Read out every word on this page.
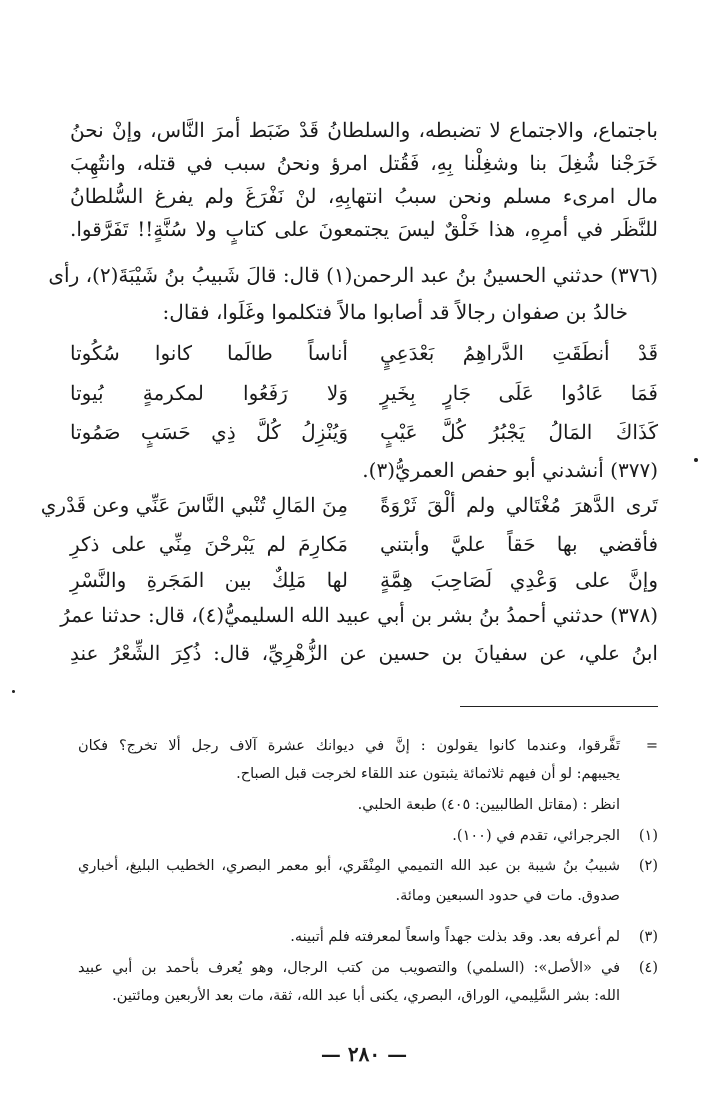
باجتماع، والاجتماع لا تضبطه، والسلطانُ قَدْ ضَبَط أمرَ النَّاس، وإنْ نحنُ
خَرَجْنا شُغِلَ بنا وشغِلْنا بِهِ، فَقُتل امرؤ ونحنُ سبب في قتله، وانتُهِبَ
مال امرىء مسلم ونحن سببُ انتهابِهِ، لنْ نَفْرَغَ ولم يفرغ السُّلطانُ
للنَّظَر في أمرِهِ، هذا خَلْقٌ ليسَ يجتمعونَ على كتابٍ ولا سُنَّةٍ!! تَفَرَّقوا.
(٣٧٦) حدثني الحسينُ بنُ عبد الرحمن(١) قال: قالَ شَبيبُ بنُ شَيْبَةَ(٢)، رأى
خالدُ بن صفوان رجالاً قد أصابوا مالاً فتكلموا وغَلَوا، فقال:
قَدْ أنطَقَتِ الدَّراهِمُ بَعْدَعِيٍ
أناساً طالَما كانوا سُكُوتا
فَمَا عَادُوا عَلَى جَارٍ بِخَيرٍ
وَلا رَفَعُوا لمكرمةٍ بُيوتا
كَذَاكَ المَالُ يَجْبُرُ كُلَّ عَيْبٍ
وَيُنْزِلُ كُلَّ ذِي حَسَبٍ صَمُوتا
(٣٧٧) أنشدني أبو حفص العمريُّ(٣).
تَرى الدَّهرَ مُغْتَالي ولم ألْقَ ثَرْوَةً
مِنَ المَالِ تُنْبي النَّاسَ عَنِّي وعن قَدْري
فأقضي بها حَقاً عليَّ وأبتني
مَكارِمَ لم يَبْرحْنَ مِنِّي على ذكرِ
وإنَّ على وَعْدِي لَصَاحِبَ هِمَّةٍ
لها مَلِكٌ بين المَجَرةِ والنَّسْرِ
(٣٧٨) حدثني أحمدُ بنُ بشر بن أبي عبيد الله السليميُّ(٤)، قال: حدثنا عمرُ
ابنُ علي، عن سفيانَ بن حسين عن الزُّهْرِيِّ، قال: ذُكِرَ الشِّعْرُ عندِ
=
تَفَّرقوا، وعندما كانوا يقولون : إنَّ في ديوانك عشرة آلاف رجل ألا تخرج؟ فكان
يجيبهم: لو أن فيهم ثلاثمائة يثبتون عند اللقاء لخرجت قبل الصباح.
انظر : (مقاتل الطالبيين: ٤٠٥) طبعة الحلبي.
(١)
الجرجرائي، تقدم في (١٠٠).
(٢)
شبيبُ بنُ شيبة بن عبد الله التميمي المِنْقَري، أبو معمر البصري، الخطيب البليغ، أخباري
صدوق. مات في حدود السبعين ومائة.
(٣)
لم أعرفه بعد. وقد بذلت جهداً واسعاً لمعرفته فلم أتبينه.
(٤)
في «الأصل»: (السلمي) والتصويب من كتب الرجال، وهو يُعرف بأحمد بن أبي عبيد
الله: بشر السَّلِيمي، الوراق، البصري، يكنى أبا عبد الله، ثقة، مات بعد الأربعين ومائتين.
— ٢٨٠ —
